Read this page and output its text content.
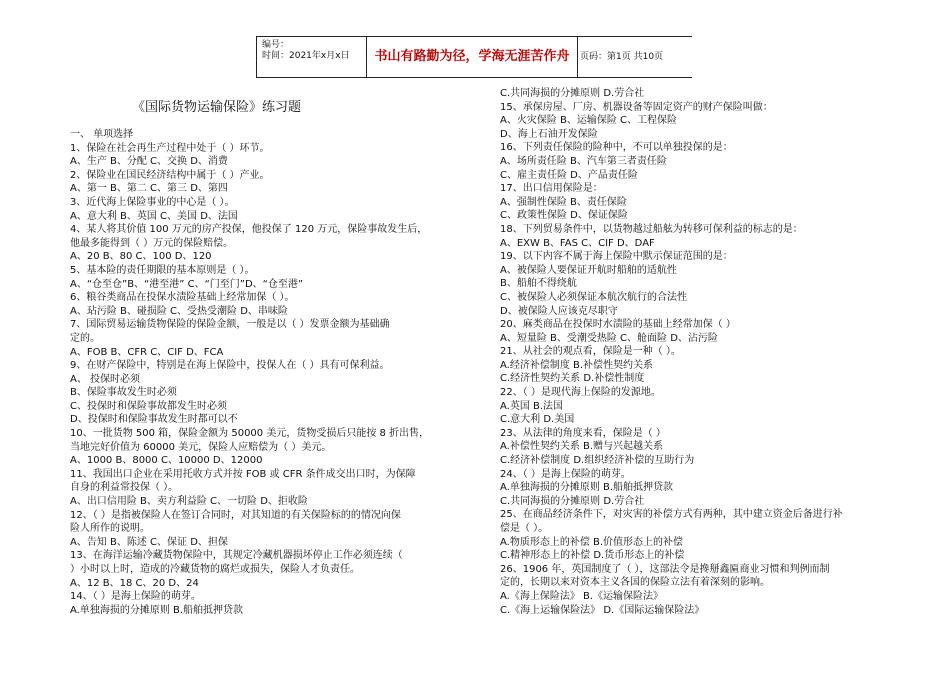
编号：
时间：2021年x月x日	书山有路勤为径，学海无涯苦作舟	页码：第1页 共10页
《国际货物运输保险》练习题
一、 单项选择
1、保险在社会再生产过程中处于（ ）环节。
A、生产 B、分配 C、交换 D、消费
2、保险业在国民经济结构中属于（ ）产业。
A、第一 B、第二 C、第三 D、第四
3、近代海上保险事业的中心是（ ）。
A、意大利 B、英国 C、美国 D、法国
4、某人将其价值 100 万元的房产投保，他投保了 120 万元，保险事故发生后，
他最多能得到（ ）万元的保险赔偿。
A、20 B、80 C、100 D、120
5、基本险的责任期限的基本原则是（ ）。
A、“仓至仓”B、“港至港” C、“门至门”D、“仓至港”
6、粮谷类商品在投保水渍险基础上经常加保（ ）。
A、玷污险 B、碰损险 C、受热受潮险 D、串味险
7、国际贸易运输货物保险的保险金额，一般是以（ ）发票金额为基础确
定的。
A、FOB B、CFR C、CIF D、FCA
9、在财产保险中，特别是在海上保险中，投保人在（ ）具有可保利益。
A、 投保时必须
B、保险事故发生时必须
C、投保时和保险事故都发生时必须
D、投保时和保险事故发生时都可以不
10、一批货物 500 箱，保险金额为 50000 美元，货物受损后只能按 8 折出售，
当地完好价值为 60000 美元，保险人应赔偿为（ ）美元。
A、1000 B、8000 C、10000 D、12000
11、我国出口企业在采用托收方式并按 FOB 或 CFR 条件成交出口时，为保障
自身的利益常投保（ ）。
A、出口信用险 B、卖方利益险 C、一切险 D、拒收险
12、（ ）是指被保险人在签订合同时，对其知道的有关保险标的的情况向保
险人所作的说明。
A、告知 B、陈述 C、保证 D、担保
13、在海洋运输冷藏货物保险中，其规定冷藏机器损坏停止工作必须连续（
）小时以上时，造成的冷藏货物的腐烂或损失，保险人才负责任。
A、12 B、18 C、20 D、24
14、（ ）是海上保险的萌芽。
A.单独海损的分摊原则 B.船舶抵押贷款
C.共同海损的分摊原则 D.劳合社
15、承保房屋、厂房、机器设备等固定资产的财产保险叫做：
A、火灾保险 B、运输保险 C、工程保险
D、海上石油开发保险
16、下列责任保险的险种中，不可以单独投保的是：
A、场所责任险 B、汽车第三者责任险
C、雇主责任险 D、产品责任险
17、出口信用保险是：
A、强制性保险 B、责任保险
C、政策性保险 D、保证保险
18、下列贸易条件中，以货物越过船舷为转移可保利益的标志的是：
A、EXW B、FAS C、CIF D、DAF
19、以下内容不属于海上保险中默示保证范围的是：
A、被保险人要保证开航时船舶的适航性
B、船舶不得绕航
C、被保险人必须保证本航次航行的合法性
D、被保险人应该克尽职守
20、麻类商品在投保时水渍险的基础上经常加保（ ）
A、短量险 B、受潮受热险 C、舱面险 D、沾污险
21、从社会的观点看，保险是一种（ ）。
A.经济补偿制度 B.补偿性契约关系
C.经济性契约关系 D.补偿性制度
22、（ ）是现代海上保险的发源地。
A.英国 B.法国
C.意大利 D.美国
23、从法律的角度来看，保险是（ ）
A.补偿性契约关系 B.赠与兴起越关系
C.经济补偿制度 D.组织经济补偿的互助行为
24、（ ）是海上保险的萌芽。
A.单独海损的分摊原则 B.船舶抵押贷款
C.共同海损的分摊原则 D.劳合社
25、在商品经济条件下，对灾害的补偿方式有两种，其中建立资金后备进行补
偿是（ ）。
A.物质形态上的补偿 B.价值形态上的补偿
C.精神形态上的补偿 D.货币形态上的补偿
26、1906 年，英国制度了（ ），这部法令是搀掰鑫匾商业习惯和判例而制
定的，长期以来对资本主义各国的保险立法有着深刻的影响。
A.《海上保险法》 B.《运输保险法》
C.《海上运输保险法》 D.《国际运输保险法》
